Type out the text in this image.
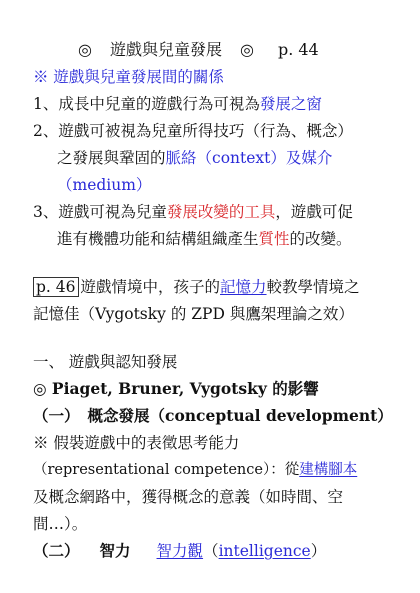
◎ 遊戲與兒童發展 ◎ p. 44
※ 遊戲與兒童發展間的關係
1、成長中兒童的遊戲行為可視為發展之窗
2、遊戲可被視為兒童所得技巧（行為、概念）
之發展與鞏固的脈絡（context）及媒介
（medium）
3、遊戲可視為兒童發展改變的工具，遊戲可促
進有機體功能和結構組織產生質性的改變。
p. 46 遊戲情境中，孩子的記憶力較教學情境之
記憶佳（Vygotsky 的 ZPD 與鷹架理論之效）
一、 遊戲與認知發展
◎ Piaget, Bruner, Vygotsky 的影響
（一） 概念發展（conceptual development）
※ 假裝遊戲中的表徵思考能力
（representational competence）：從建構腳本
及概念網路中，獲得概念的意義（如時間、空
間…）。
（二） 智力 智力觀（intelligence）
